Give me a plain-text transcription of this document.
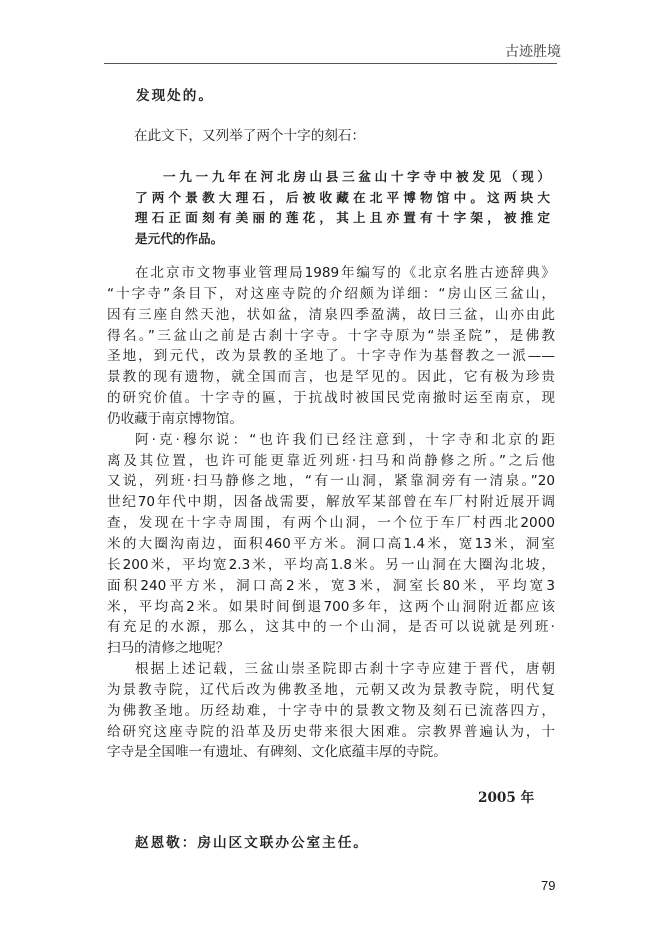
古迹胜境
发现处的。
在此文下，又列举了两个十字的刻石：
一九一九年在河北房山县三盆山十字寺中被发见（现）
了两个景教大理石，后被收藏在北平博物馆中。这两块大
理石正面刻有美丽的莲花，其上且亦置有十字架，被推定
是元代的作品。
在北京市文物事业管理局1989年编写的《北京名胜古迹辞典》
“十字寺”条目下，对这座寺院的介绍颇为详细：“房山区三盆山，
因有三座自然天池，状如盆，清泉四季盈满，故曰三盆，山亦由此
得名。”三盆山之前是古刹十字寺。十字寺原为“崇圣院”，是佛教
圣地，到元代，改为景教的圣地了。十字寺作为基督教之一派——
景教的现有遗物，就全国而言，也是罕见的。因此，它有极为珍贵
的研究价值。十字寺的匾，于抗战时被国民党南撤时运至南京，现
仍收藏于南京博物馆。
阿·克·穆尔说：“也许我们已经注意到，十字寺和北京的距
离及其位置，也许可能更靠近列班·扫马和尚静修之所。”之后他
又说，列班·扫马静修之地，“有一山洞，紧靠洞旁有一清泉。”20
世纪70年代中期，因备战需要，解放军某部曾在车厂村附近展开调
查，发现在十字寺周围，有两个山洞，一个位于车厂村西北2000
米的大圈沟南边，面积460平方米。洞口高1.4米，宽13米，洞室
长200米，平均宽2.3米，平均高1.8米。另一山洞在大圈沟北坡，
面积240平方米，洞口高2米，宽3米，洞室长80米，平均宽3
米，平均高2米。如果时间倒退700多年，这两个山洞附近都应该
有充足的水源，那么，这其中的一个山洞，是否可以说就是列班·
扫马的清修之地呢？
根据上述记载，三盆山崇圣院即古刹十字寺应建于晋代，唐朝
为景教寺院，辽代后改为佛教圣地，元朝又改为景教寺院，明代复
为佛教圣地。历经劫难，十字寺中的景教文物及刻石已流落四方，
给研究这座寺院的沿革及历史带来很大困难。宗教界普遍认为，十
字寺是全国唯一有遗址、有碑刻、文化底蕴丰厚的寺院。
2005 年
赵恩敬：房山区文联办公室主任。
79
